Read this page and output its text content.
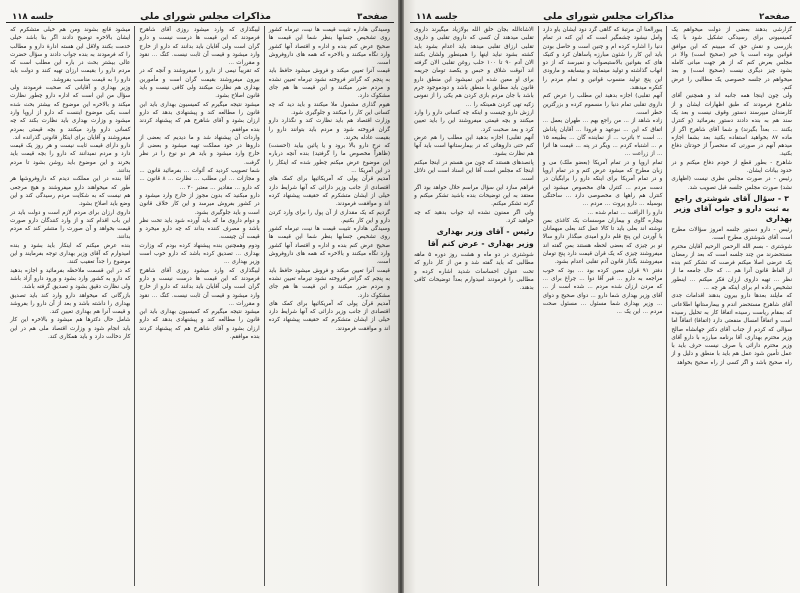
صفحه۳
مذاکرات مجلس شورای ملی
جلسه ۱۱۸

وسیدگی هاداره تثبیت قیمت ها نیت، تیرماه کشور روی تشخیص جسابها بنظر شما این قیمت ها صحیح عرض کنم بنده و اداره و اقتصاد آنها کشور وارد نگاه میکنند و بالاخره که همه های داروفروش است.

قیمت آنرا تعیین میکند و فروش میشود حافظ باید به پنجم که گرانتر فروخته نشود تیرماه تعیین نشده و مردم ضرر میکنند و این قیمت ها هم جای مشکوک دارد.

هیوم گذاری مشمول ملا میکنند و باید دید که چه کسانی این کار را میکنند و جلوگیری شود.

وزارت اقتصاد هم باید نظارت کند و نگذارد دارو گران فروخته شود و مردم باید بتوانند دارو را بقیمت عادله بخرند.

که نرخ دارو بالا برود و یا پائین بیاید (احسنت) (ظاهراً مخصوص ما را گرفتید) بنده آنچه درباره این موضوع عرض میکنم چطور شده که اینکار را در این آمریکا ...

آمدیم قرآن پولی که آمریکائیها برای کمک های اقتصادی از جانب وزیر دارائی که آنها شرایط دارد خیلی از ایشان متشکرم که حقیقت پیشنهاد کرده اند و موافقت فرمودند.

گردیم که یک مقداری از آن پول را برای وارد کردن دارو و این کار بکنیم.

وسیدگی هاداره تثبیت قیمت ها نیت، تیرماه کشور روی تشخیص جسابها بنظر شما این قیمت ها صحیح عرض کنم بنده و اداره و اقتصاد آنها کشور وارد نگاه میکنند و بالاخره که همه های داروفروش است.

قیمت آنرا تعیین میکند و فروش میشود حافظ باید به پنجم که گرانتر فروخته نشود تیرماه تعیین نشده و مردم ضرر میکنند و این قیمت ها هم جای مشکوک دارد.

آمدیم قرآن پولی که آمریکائیها برای کمک های اقتصادی از جانب وزیر دارائی که آنها شرایط دارد خیلی از ایشان متشکرم که حقیقت پیشنهاد کرده اند و موافقت فرمودند.

لیبگذاری که وارد میشود روزی آقای شاهرخ فرمودند که این قیمت ها درست نیست و دارو گران است ولی آقایان باید بدانند که دارو از خارج وارد میشود و قیمت آن ثابت نیست. کنگ ... نقود و مقررات ...

که تقریباً نیمی از دارو را میفروشند و آنچه که در بیرون میفروشند بقیمت گران است و مأمورین بهداری هم نظارت میکنند ولی کافی نیست و باید قانون اصلاح بشود.

میشود نتیجه میگیرم که کمیسیون بهداری باید این قانون را مطالعه کند و پیشنهادی بدهد که دارو ارزان بشود و آقای شاهرخ هم که پیشنهاد کردند بنده موافقم.

واردات آن پیشنهاد شد و ما دیدیم که بعضی از داروها در خود مملکت تهیه میشود و بعضی از خارج وارد میشود و باید هر دو نوع را در نظر گرفت.

شما تصویب کردید که آئوات ... بفرمائید قانون ... و مجازات ... این مطلب ... نظارت ... ۸ قانون ... که دارو ... مقادیر ... معتبر ۲۰ ...

دارو مبکنید که بدون مجوز از خارج وارد میشود و در کشور بفروش میرسد و این کار خلاف قانون است و باید جلوگیری بشود.

و دوام داروی ما که باید آورده شود باید تحت نظر باشد و مصرف کننده بداند که چه دارو میخرد و قیمت آن چیست.

ودوم وهمچنین بنده پیشنهاد کرده بودم که وزارت بهداری ... تصدیق کرده باشد که دارو خوب است وزیر بهداری ...

لیبگذاری که وارد میشود روزی آقای شاهرخ فرمودند که این قیمت ها درست نیست و دارو گران است ولی آقایان باید بدانند که دارو از خارج وارد میشود و قیمت آن ثابت نیست. کنگ ... نقود و مقررات ...

میشود نتیجه میگیرم که کمیسیون بهداری باید این قانون را مطالعه کند و پیشنهادی بدهد که دارو ارزان بشود و آقای شاهرخ هم که پیشنهاد کردند بنده موافقم.

میشود قانع بشوند ومن هم خیلی متشکرم که ایشان بالاخره توضیح دادند اگر بنا باشد خیلی خدمت بکنند ولاقل این هسته ادارهٔ دارو و مطالب را که فرمودند به بنده جواب دادند و سؤال حضرت عالی بیشتر بحث در باره این مطلب است که مردم دارو را بقیمت ارزان تهیه کنند و دولت باید دارو را به قیمت مناسب بفروشد.

وزیر بهداری و آقایانی که صحبت فرمودند ولی سؤال من این است که اداره دارو چطور نظارت میکند و بالاخره این موضوع که بیشتر بحث شده است یکی موضوع اینست که دارو از اروپا وارد میشود و وزارت بهداری باید نظارت بکند که چه کسانی دارو وارد میکنند و بچه قیمتی بمردم میفروشند و آقایان برای اینکار قانونی گذرانده اند.

دارو دارای قیمت ثابت نیست و هر روز یک قیمت دارد و مردم نمیدانند که دارو را بچه قیمت باید بخرند و این موضوع باید روشن بشود تا مردم بدانند.

آقا بنده در این مملکت دیدم که داروفروشها هر طور که میخواهند دارو میفروشند و هیچ مرجعی هم نیست که به شکایت مردم رسیدگی کند و این وضع باید اصلاح بشود.

داروی ارزان برای مردم لازم است و دولت باید در این باب اقدام کند و از وارد کنندگان دارو صورت قیمت بخواهد و آن صورت را منتشر کند که مردم بدانند.

بنده عرض میکنم که اینکار باید بشود و بنده امیدوارم که آقای وزیر بهداری توجه بفرمایند و این موضوع را جداً تعقیب کنند.

که در این قسمت ملاحظه بفرمائید و اجازه بدهید که دارو به کشور وارد بشود و ورود دارو آزاد باشد ولی نظارت دقیق بشود و تصدیق گرفته باشد.

بازرگانی که میخواهد دارو وارد کند باید تصدیق بهداری را داشته باشد و بعد از آن دارو را بفروشد و قیمت آنرا هم بهداری تعیین کند.

شامل حال دکترها هم میشود و بالاخره این کار باید انجام شود و وزارت اقتصاد ملی هم در این کار دخالت دارد و باید همکاری کند.

صفحه۲
مذاکرات مجلس شورای ملی
جلسه ۱۱۸

گزارشی بدهند بعضی از دولت میخواهم یک کمیسیونی برای رسیدگی تشکیل شود با یک بازرسی و نقش حق که میبینم که این موافق قوانین بوده است یا خیر (صحیح است) والا در مجلس بعرض کنم که از هر جهت مبانی کامله بشود چیز دیگری نیست (صحیح است) و بعد میخواهم در جلسه خصوصی یک مطالبی را عرض کنم.

ولی چون اینجا همه جانبه اند و همچنین آقای شاهرخ فرمودند که طبق اظهارات ایشان و از کارمندان میپرسند دستور وقوف نیست و بعد یک سند هم به بنده دادند دستور بفرمائید (و کنترل بکنند ... بعداً بگیرند) و شما آقای شاهرخ اگر از ماده ۸۷ بخواهید استفاده بکنید بعد بشما اجازه میدهم آنهم در صورتی که منحصراً از خودتان دفاع بکنید.

شاهرخ - بطور قطع از خودم دفاع میکنم و در حدود بیانات ایشان.

رئیس - در صورت مجلس نظری نیست (اظهاری نشد) صورت مجلس جلسه قبل تصویب شد.

۳ - سؤال آقای شوشتری راجع به ثبت دارو و جواب آقای وزیر بهداری

رئیس - دارو دستور جلسه امروز سؤالات مطرح است آقای شوشتری مطرح است.

شوشتری - بسم الله الرحمن الرحیم آقایان محترم مستحضرند من چند جلسه است که بعد از رمضان یک عرضی اصلا میکنم فرصت که تشکر کنم بنده از الفاظ قانون آنرا هم ... که حال جامعه ما از نظر ... تهیه داروی ارزان فکر میکنم ... اینطور تشخیص داده ام برای اینکه هر چه ...

که مایلند بعدها دارو بیرون بدهند اقدامات جدی آقای شاهرخ مستحضر اندم و بیمارستانها اطلاعاتی که بمقام ریاست رسیده اتفاقا کار به تحلیل رسیده است و اتفاقاً امسال منفعتی دارد (اتفاقا) اتفاقاً اما سؤالی که کردم از جناب آقای دکتر جهانشاه صالح وزیر محترم بهداری، آقا برنامه مبارزه با دارو آقای وزیر محترم دارائی یا صرف نیست حرف باید با عمل تأمین شود عمل هم باید با منطق و دلیل و از راه صحیح باشد و اگر کسی از راه صحیح بخواهد

یبورالعنا آن مرتبهٔ که گاهی گرد دود ایشان یاو دارد وامل نیشود چشمگیر است که این کنه در تمام دنیا را اشاره کرده ام و چنین است و حاصل بودن باید این کار را شئون مبارزه پاساهان کرد و کنیک های که بقوانین بالاستیصواب و نمیرسد که از دو انهاب گذاشته و تولید مینمایند و بیسابقه و مارودی این پنج تولید منسوب قوانین و تمام مردم را کنکره میدهند.

آنهم تقلبی) اجازه بدهید این مطلب را عرض کنم داروی تقلبی تمام دنیا را مسموم کرده و بزرگترین خطر است.

زاده شاهد از ... من راجع بهم ... طهران بعمل ... اتفاق که این ... نبوعهد و فرودا ... آقایان پاداش ... است ۲ باترب ... از نماینده گان ... بطبیعه ۱۵ م ... اشتباه کردم ... ویگر در پنه ... قیمت ها اثرا ... از زراعت ...

تمام اروپا و در تمام آمریکا (بعضو ملک) می و زبان مطرح که میشود عرض کنم و در تمام اروپا و در تمام آمریکا برای اینکه دارو را برابگیان در دست مردم ... کنترل های مخصوص میشود این کنترل هم راهها ی مخصوصی دارد ... ساختگی بوسیله ... دارو پروت ... مردم ...

دارو را الراقت ... تمام شده ...

بیچاره گاوی و بیماران موسسات یک کاغذی بمن نوشته اند بعلی باید تا کالا عمل کند بعلی میهمانان با آوردن این پنج قلم دارو امیدی مبگذار دارو سالا تو بر چیزی که بعضی لحظه هستند بمن گفته اند میفروشند چیزی که یک قران قیمت دارد پنج تومان میفروشند بگذار قانون آدم تقلبی اعدام بشود.

دفتر ۹۱ قران معین کرده بود ... بود که خوب مراجعه به دارو ... قبر آقا دوا ... چراغ برای ... که مردن ارزان شده مردم ... شده است از ... آقای وزیر بهداری شما دارو ... دوای صحیح و دوای ... وزیر بهداری شما مسئول ... مسئول صحت مردم ... این یک ...

الاشاءالله بجان خلق الله بولازیاد میگیرند داروی تقلبی میدهند آن کسی که داروی تقلبی و داروی تقلبی ارزاق تقلبی میدهد باید اعدام بشود باید کشته بشود نباید اینها را همینطور ولشان بکنند الان آدم ۹۰ تا ۱۰۰ حلب روغن تقلبی الان گرفته اند آنوقت شلاق و حبس و یکصد تومان جریمه برای او معین شده این نمیشود این منطق دارو قانون باید مطابق با منطق باشد و دودموجود جرم باشد با جان مردم بازی کردن هم یکی را از نفوس زکیه تهی کردن همینکه را ...

ارزش دارو چیست و اینکه چه کسانی دارو را وارد میکنند و بچه قیمتی میفروشند این را باید تعیین کرد و بعد صحبت کرد.

آنهم تقلبی) اجازه بدهید این مطلب را هم عرض کنم حتی داروهائی که در بیمارستانها است باید آنها هم نظارت بشود.

پانصدهای هستند که چون من هستم در اینجا میکنم اینجا که مجلس است آقا این اسناد است این دلائل است.

فراهم سازد این سؤال مراسم حلال خواهد بود اگر معتقد به این توضیحات بنده باشید تشکر میکنم و گرنه تشکر میکنم.

ولی اگر ممنون نشده اید جواب بدهید که چه خواهید کرد.

رئیس - آقای وزیر بهداری
وزیر بهداری - عرض کنم آقا

شوشتری در دو ماه و هشت روز دوره ۵ ماهه مطالبی که باید گفته شد و من از کار دارو که تحت عنوان احساسات شدید اشاره کرده و مطالبی را فرمودند امیدوارم بعداً توضیحات کافی بدهند.
